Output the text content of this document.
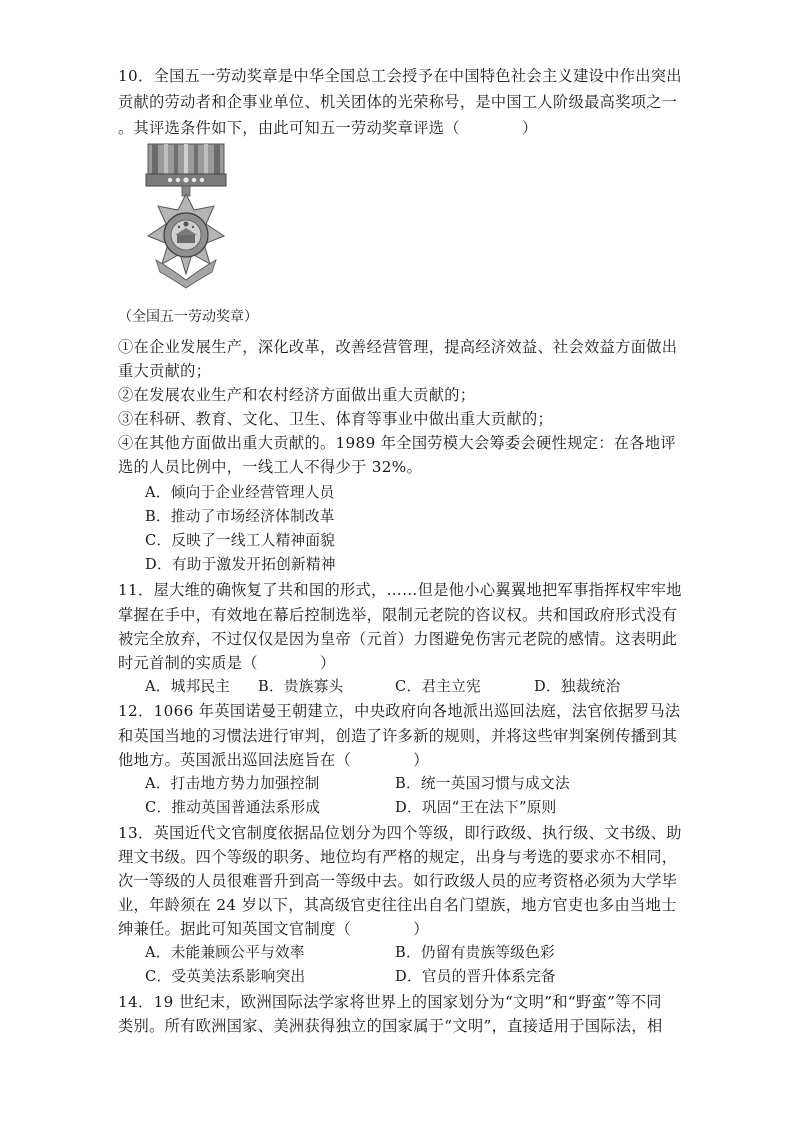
10．全国五一劳动奖章是中华全国总工会授予在中国特色社会主义建设中作出突出
贡献的劳动者和企事业单位、机关团体的光荣称号，是中国工人阶级最高奖项之一
。其评选条件如下，由此可知五一劳动奖章评选（　　　　）
（全国五一劳动奖章）
①在企业发展生产，深化改革，改善经营管理，提高经济效益、社会效益方面做出
重大贡献的；
②在发展农业生产和农村经济方面做出重大贡献的；
③在科研、教育、文化、卫生、体育等事业中做出重大贡献的；
④在其他方面做出重大贡献的。1989 年全国劳模大会筹委会硬性规定：在各地评
选的人员比例中，一线工人不得少于 32%。
A．倾向于企业经营管理人员
B．推动了市场经济体制改革
C．反映了一线工人精神面貌
D．有助于激发开拓创新精神
11．屋大维的确恢复了共和国的形式，……但是他小心翼翼地把军事指挥权牢牢地
掌握在手中，有效地在幕后控制选举，限制元老院的咨议权。共和国政府形式没有
被完全放弃，不过仅仅是因为皇帝（元首）力图避免伤害元老院的感情。这表明此
时元首制的实质是（　　　　）
A．城邦民主 B．贵族寡头	C．君主立宪	D．独裁统治
12．1066 年英国诺曼王朝建立，中央政府向各地派出巡回法庭，法官依据罗马法
和英国当地的习惯法进行审判，创造了许多新的规则，并将这些审判案例传播到其
他地方。英国派出巡回法庭旨在（　　　　）
A．打击地方势力加强控制	B．统一英国习惯与成文法
C．推动英国普通法系形成	D．巩固“王在法下”原则
13．英国近代文官制度依据品位划分为四个等级，即行政级、执行级、文书级、助
理文书级。四个等级的职务、地位均有严格的规定，出身与考选的要求亦不相同，
次一等级的人员很难晋升到高一等级中去。如行政级人员的应考资格必须为大学毕
业，年龄须在 24 岁以下，其高级官吏往往出自名门望族，地方官吏也多由当地士
绅兼任。据此可知英国文官制度（　　　　）
A．未能兼顾公平与效率	B．仍留有贵族等级色彩
C．受英美法系影响突出	D．官员的晋升体系完备
14．19 世纪末，欧洲国际法学家将世界上的国家划分为“文明”和“野蛮”等不同
类别。所有欧洲国家、美洲获得独立的国家属于“文明”，直接适用于国际法，相
